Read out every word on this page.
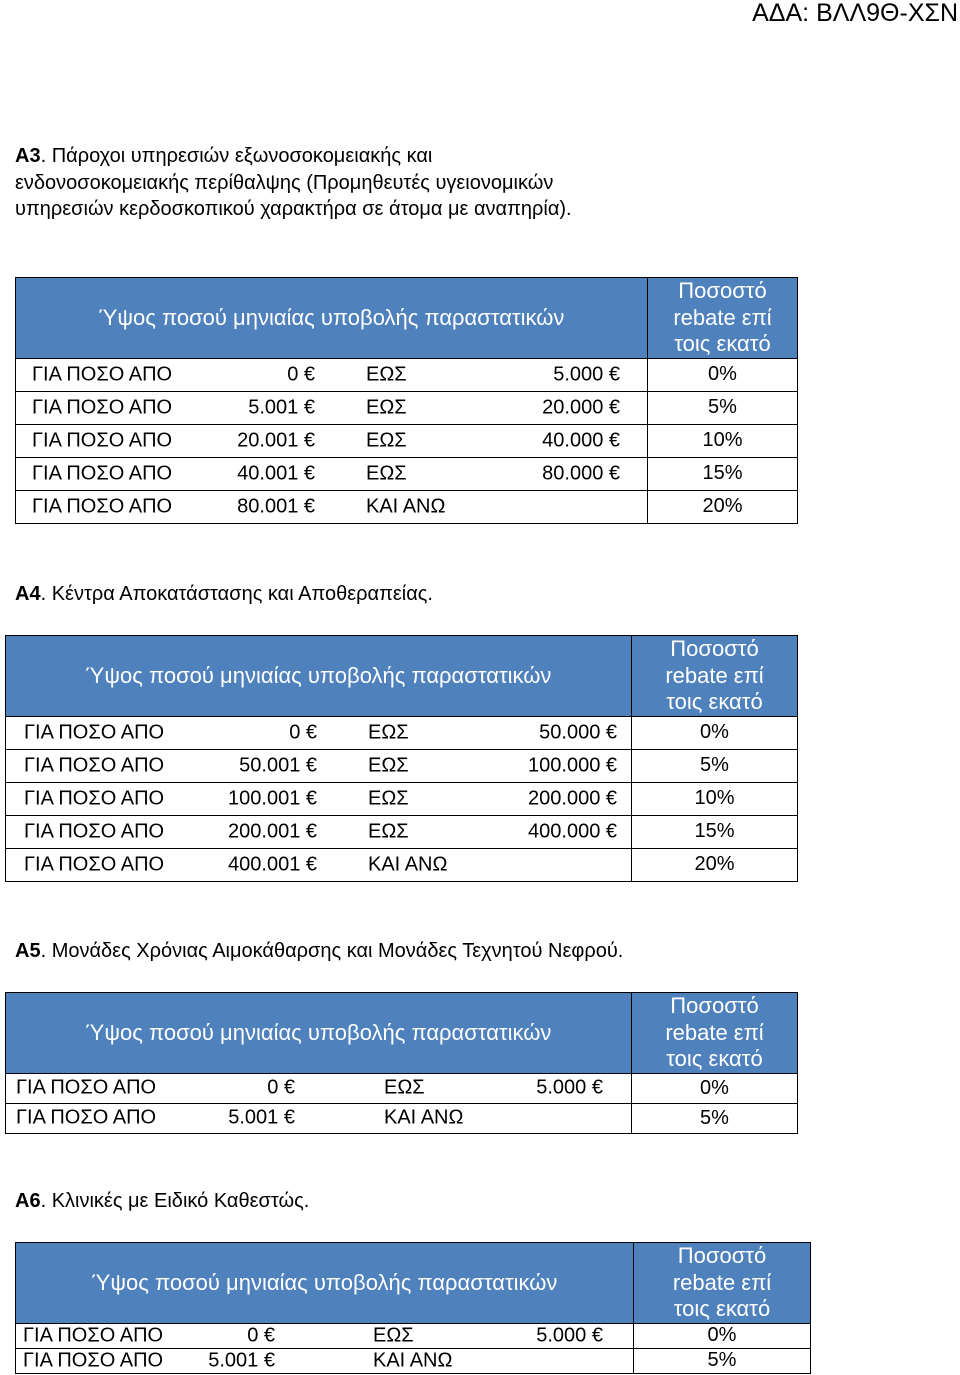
ΑΔΑ: ΒΛΛ9Θ-ΧΣΝ

Α3. Πάροχοι υπηρεσιών εξωνοσοκομειακής και ενδονοσοκομειακής περίθαλψης (Προμηθευτές υγειονομικών υπηρεσιών κερδοσκοπικού χαρακτήρα σε άτομα με αναπηρία).

Ύψος ποσού μηνιαίας υποβολής παραστατικών	Ποσοστό
rebate επί
τοις εκατό

ΓΙΑ ΠΟΣΟ ΑΠΟ 0 € ΕΩΣ 5.000 €	0%

ΓΙΑ ΠΟΣΟ ΑΠΟ 5.001 € ΕΩΣ 20.000 €	5%

ΓΙΑ ΠΟΣΟ ΑΠΟ 20.001 € ΕΩΣ 40.000 €	10%

ΓΙΑ ΠΟΣΟ ΑΠΟ 40.001 € ΕΩΣ 80.000 €	15%

ΓΙΑ ΠΟΣΟ ΑΠΟ 80.001 € ΚΑΙ ΑΝΩ	20%

Α4. Κέντρα Αποκατάστασης και Αποθεραπείας.

Ύψος ποσού μηνιαίας υποβολής παραστατικών	Ποσοστό
rebate επί
τοις εκατό

ΓΙΑ ΠΟΣΟ ΑΠΟ 0 € ΕΩΣ 50.000 €	0%

ΓΙΑ ΠΟΣΟ ΑΠΟ 50.001 € ΕΩΣ 100.000 €	5%

ΓΙΑ ΠΟΣΟ ΑΠΟ 100.001 € ΕΩΣ 200.000 €	10%

ΓΙΑ ΠΟΣΟ ΑΠΟ 200.001 € ΕΩΣ 400.000 €	15%

ΓΙΑ ΠΟΣΟ ΑΠΟ 400.001 € ΚΑΙ ΑΝΩ	20%

Α5. Μονάδες Χρόνιας Αιμοκάθαρσης και Μονάδες Τεχνητού Νεφρού.

Ύψος ποσού μηνιαίας υποβολής παραστατικών	Ποσοστό
rebate επί
τοις εκατό

ΓΙΑ ΠΟΣΟ ΑΠΟ 0 € ΕΩΣ 5.000 €	0%

ΓΙΑ ΠΟΣΟ ΑΠΟ 5.001 € ΚΑΙ ΑΝΩ	5%

Α6. Κλινικές με Ειδικό Καθεστώς.

Ύψος ποσού μηνιαίας υποβολής παραστατικών	Ποσοστό
rebate επί
τοις εκατό

ΓΙΑ ΠΟΣΟ ΑΠΟ 0 € ΕΩΣ 5.000 €	0%

ΓΙΑ ΠΟΣΟ ΑΠΟ 5.001 € ΚΑΙ ΑΝΩ	5%
